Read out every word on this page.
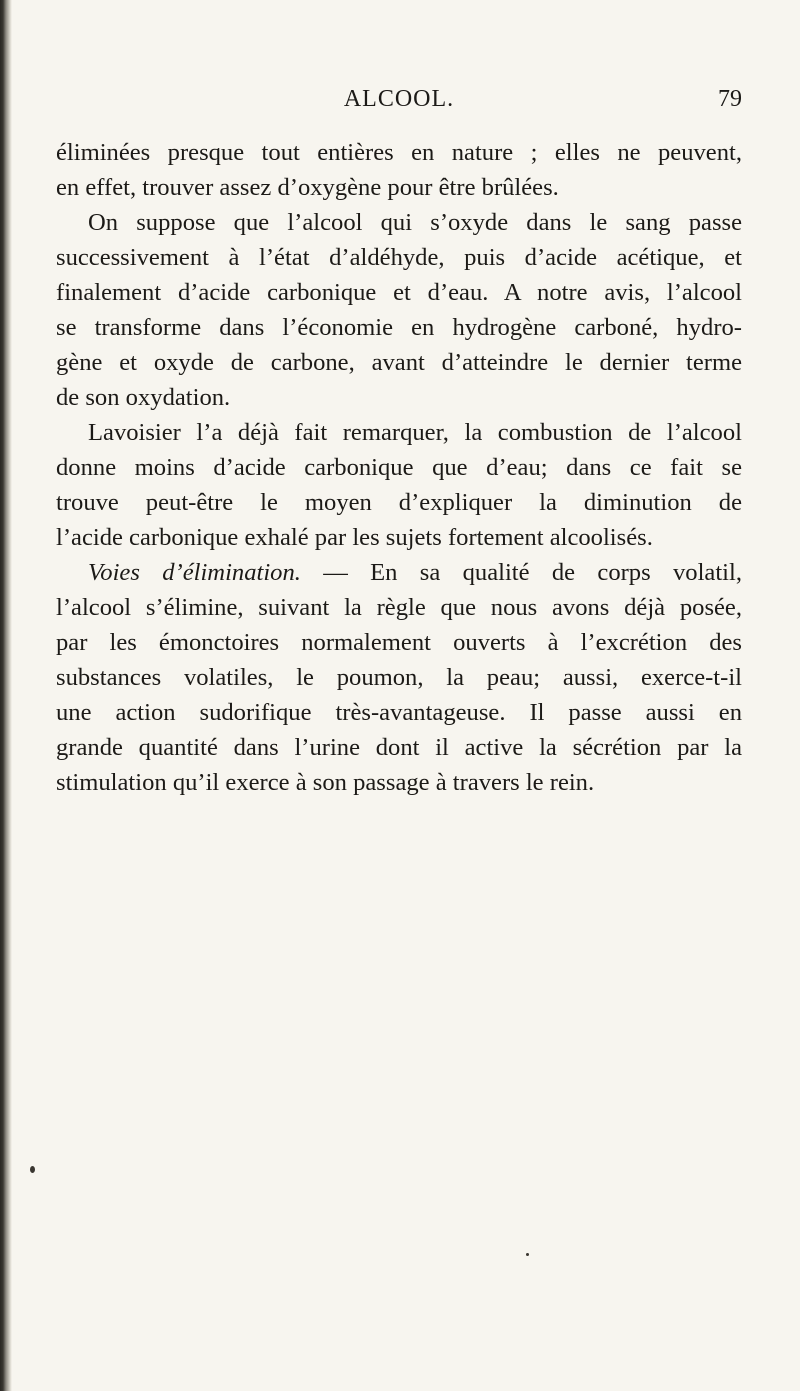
ALCOOL.	79
éliminées presque tout entières en nature ; elles ne peuvent,
en effet, trouver assez d’oxygène pour être brûlées.
On suppose que l’alcool qui s’oxyde dans le sang passe
successivement à l’état d’aldéhyde, puis d’acide acétique, et
finalement d’acide carbonique et d’eau. A notre avis, l’alcool
se transforme dans l’économie en hydrogène carboné, hydro-
gène et oxyde de carbone, avant d’atteindre le dernier terme
de son oxydation.
Lavoisier l’a déjà fait remarquer, la combustion de l’alcool
donne moins d’acide carbonique que d’eau; dans ce fait se
trouve peut-être le moyen d’expliquer la diminution de
l’acide carbonique exhalé par les sujets fortement alcoolisés.
Voies d’élimination. — En sa qualité de corps volatil,
l’alcool s’élimine, suivant la règle que nous avons déjà posée,
par les émonctoires normalement ouverts à l’excrétion des
substances volatiles, le poumon, la peau; aussi, exerce-t-il
une action sudorifique très-avantageuse. Il passe aussi en
grande quantité dans l’urine dont il active la sécrétion par la
stimulation qu’il exerce à son passage à travers le rein.
